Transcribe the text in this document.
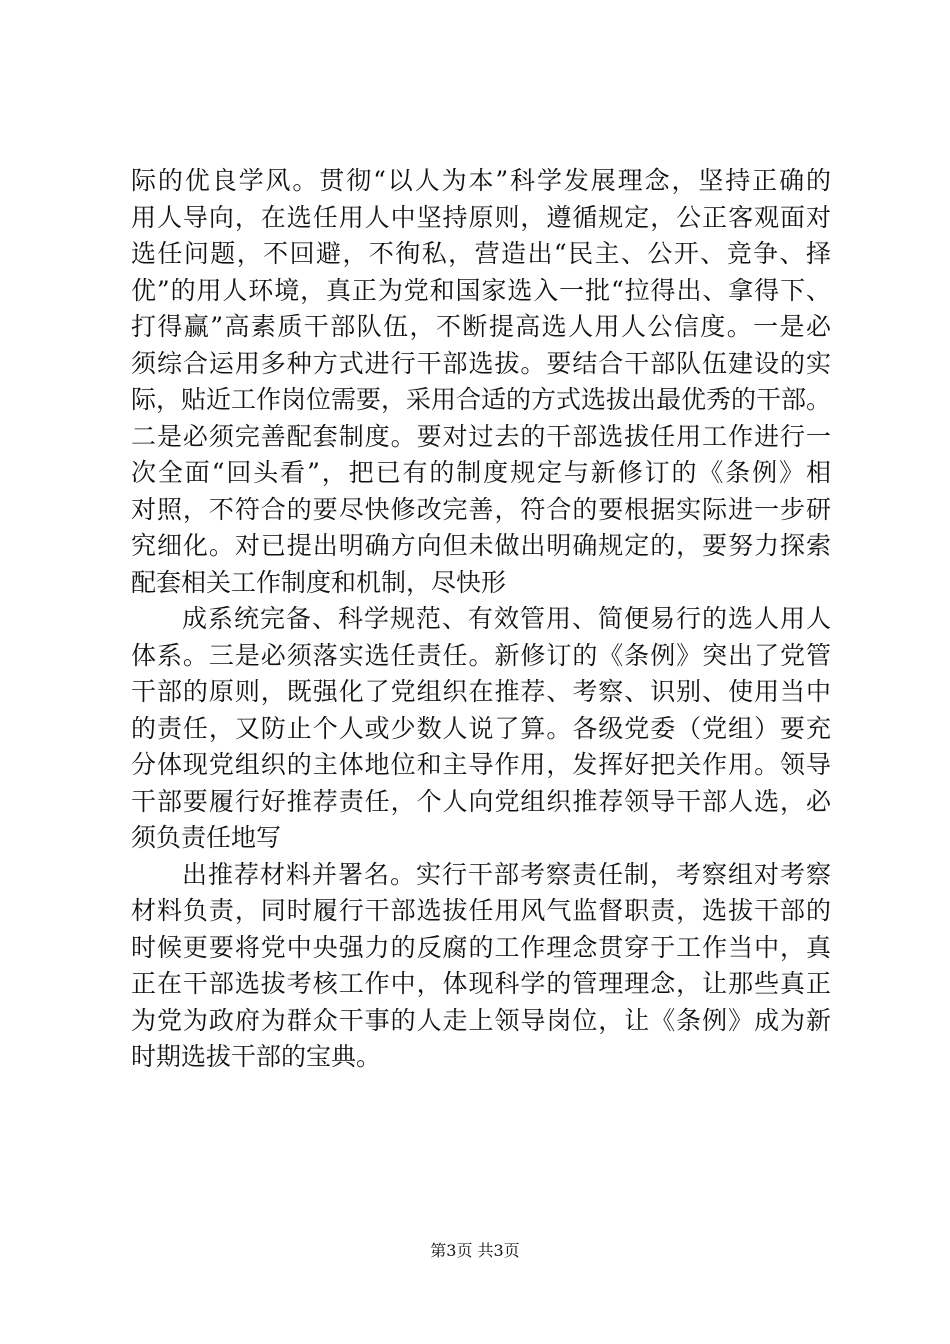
际的优良学风。贯彻“以人为本”科学发展理念，坚持正确的
用人导向，在选任用人中坚持原则，遵循规定，公正客观面对
选任问题，不回避，不徇私，营造出“民主、公开、竞争、择
优”的用人环境，真正为党和国家选入一批“拉得出、拿得下、
打得赢”高素质干部队伍，不断提高选人用人公信度。一是必
须综合运用多种方式进行干部选拔。要结合干部队伍建设的实
际，贴近工作岗位需要，采用合适的方式选拔出最优秀的干部。
二是必须完善配套制度。要对过去的干部选拔任用工作进行一
次全面“回头看”，把已有的制度规定与新修订的《条例》相
对照，不符合的要尽快修改完善，符合的要根据实际进一步研
究细化。对已提出明确方向但未做出明确规定的，要努力探索
配套相关工作制度和机制，尽快形
成系统完备、科学规范、有效管用、简便易行的选人用人
体系。三是必须落实选任责任。新修订的《条例》突出了党管
干部的原则，既强化了党组织在推荐、考察、识别、使用当中
的责任，又防止个人或少数人说了算。各级党委（党组）要充
分体现党组织的主体地位和主导作用，发挥好把关作用。领导
干部要履行好推荐责任，个人向党组织推荐领导干部人选，必
须负责任地写
出推荐材料并署名。实行干部考察责任制，考察组对考察
材料负责，同时履行干部选拔任用风气监督职责，选拔干部的
时候更要将党中央强力的反腐的工作理念贯穿于工作当中，真
正在干部选拔考核工作中，体现科学的管理理念，让那些真正
为党为政府为群众干事的人走上领导岗位，让《条例》成为新
时期选拔干部的宝典。
第3页 共3页
